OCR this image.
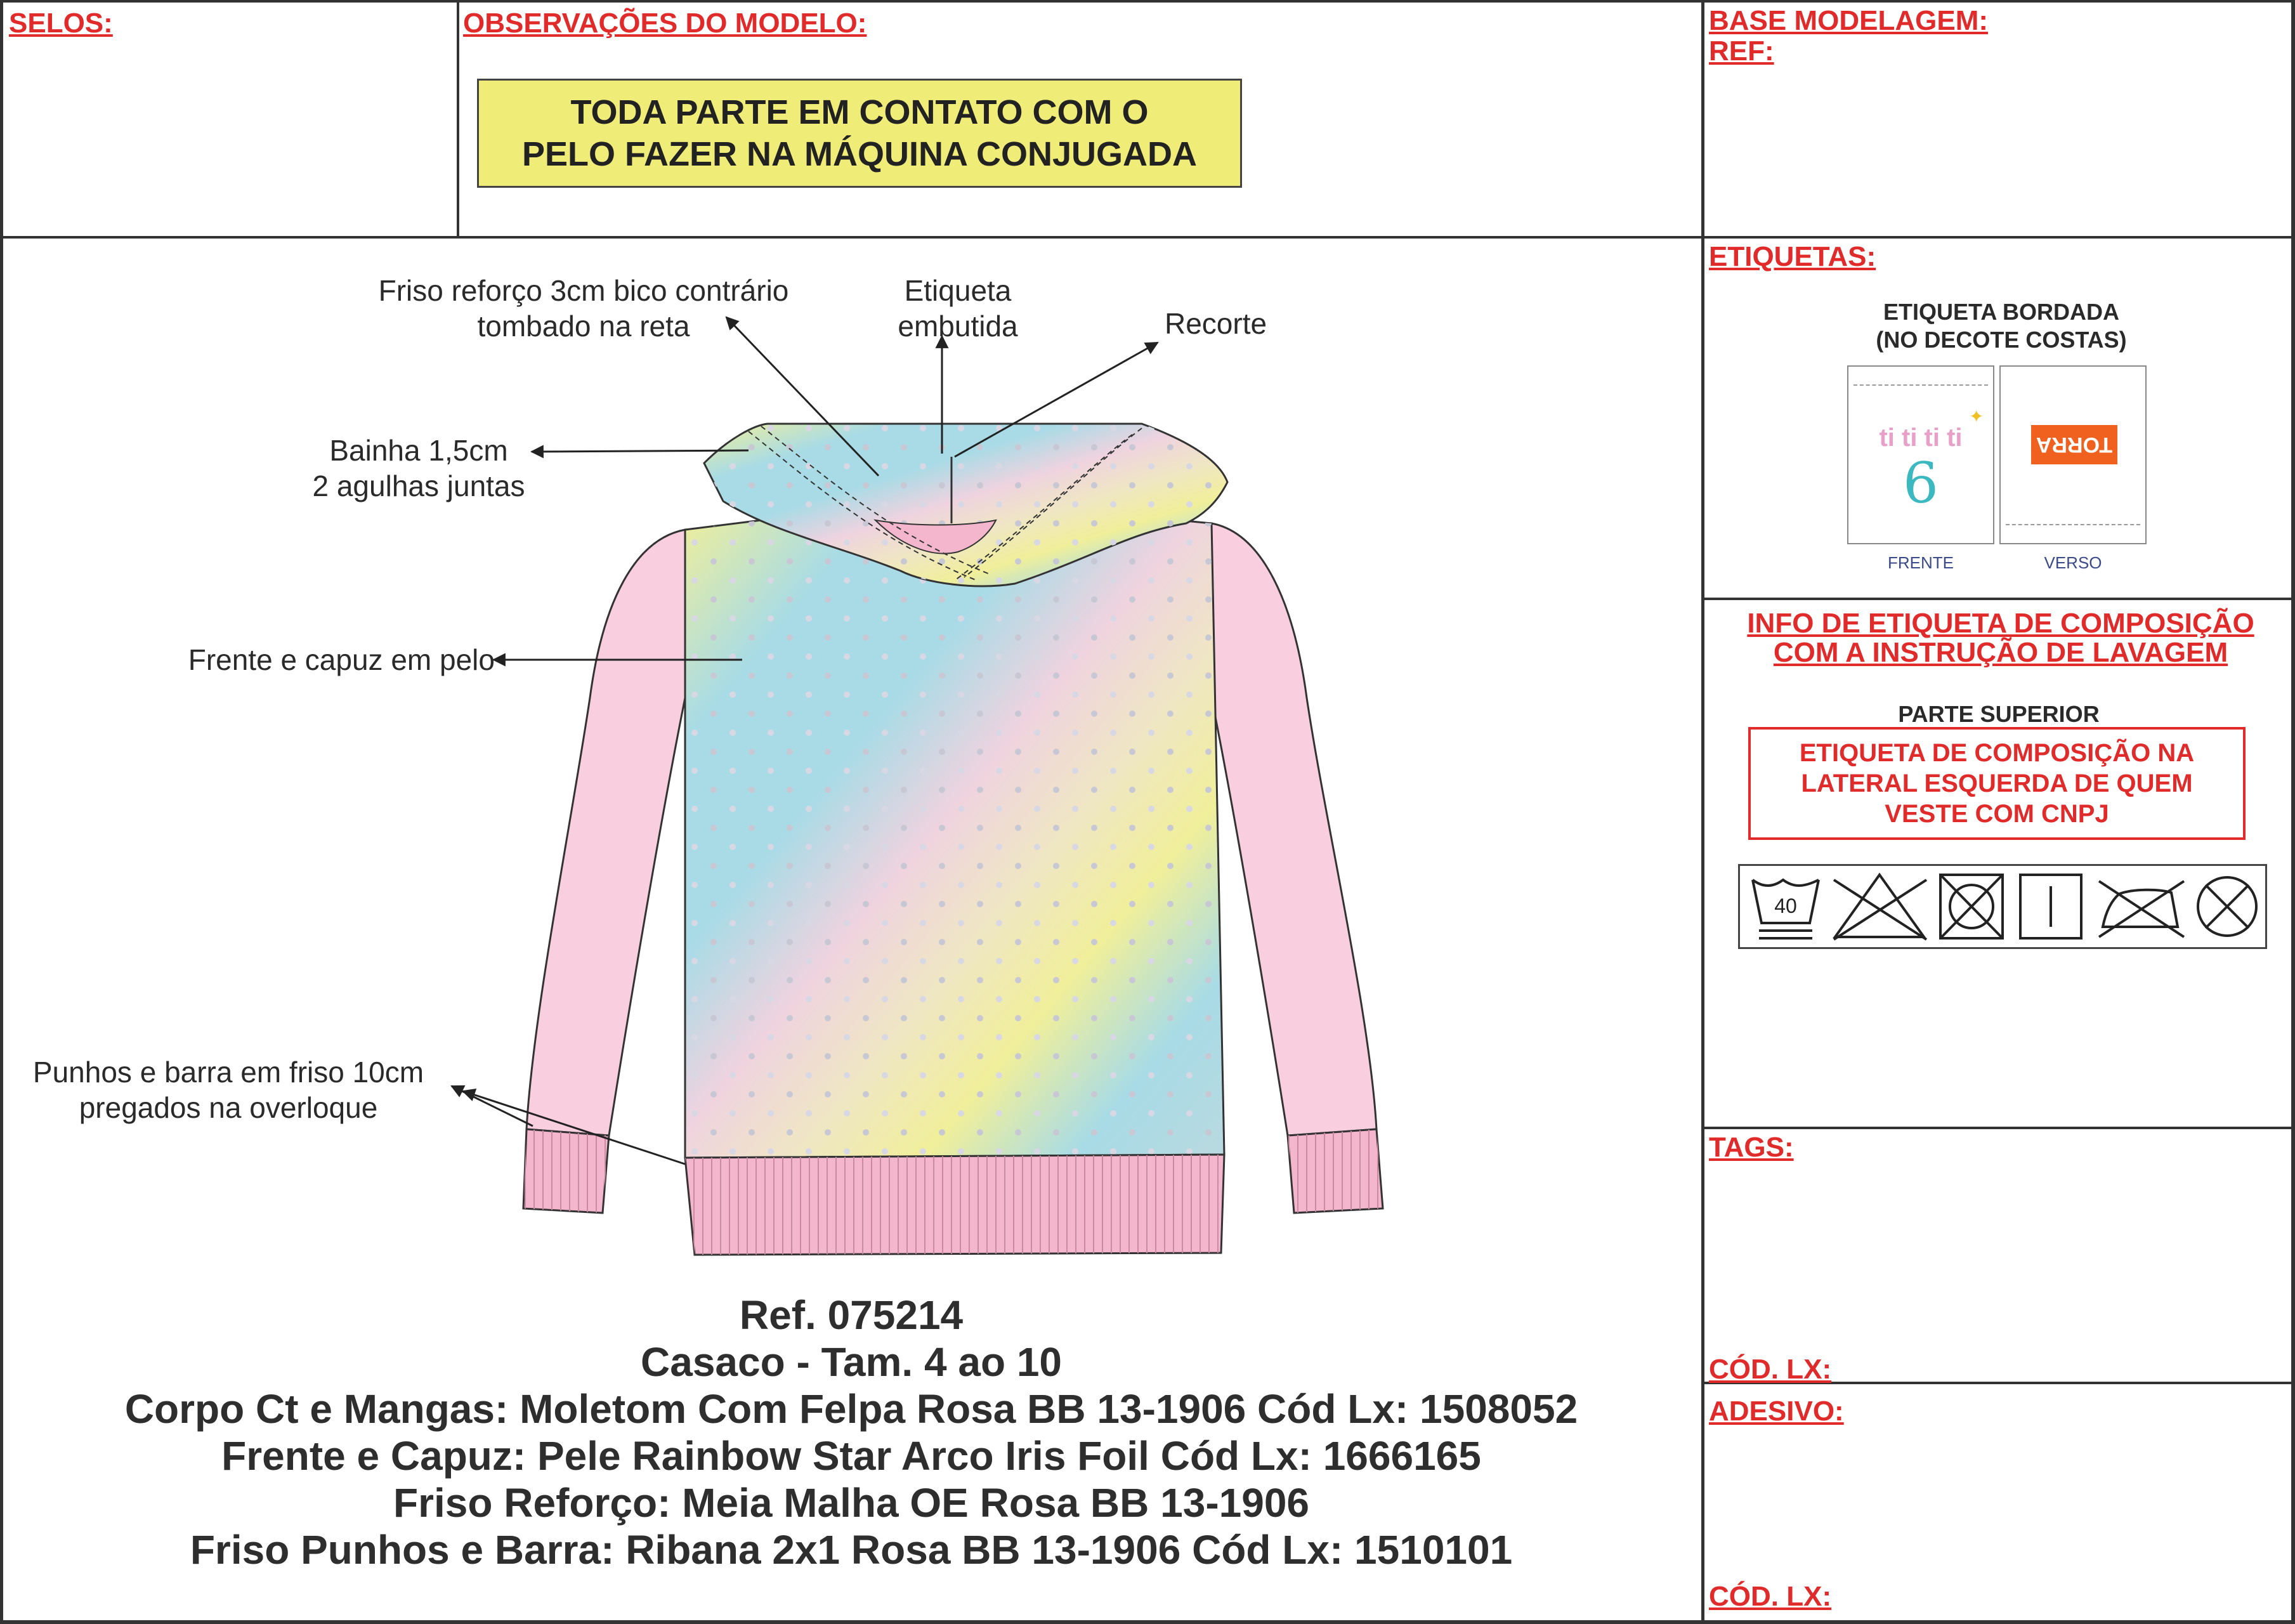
SELOS:	OBSERVAÇÕES DO MODELO:	BASE MODELAGEM:
REF:
TODA PARTE EM CONTATO COM O
PELO FAZER NA MÁQUINA CONJUGADA
Friso reforço 3cm bico contrário
tombado na reta
Etiqueta
embutida	Recorte
Bainha 1,5cm
2 agulhas juntas
Frente e capuz em pelo
Punhos e barra em friso 10cm
pregados na overloque
Ref. 075214
Casaco - Tam. 4 ao 10
Corpo Ct e Mangas: Moletom Com Felpa Rosa BB 13-1906 Cód Lx: 1508052
Frente e Capuz: Pele Rainbow Star Arco Iris Foil Cód Lx: 1666165
Friso Reforço: Meia Malha OE Rosa BB 13-1906
Friso Punhos e Barra: Ribana 2x1 Rosa BB 13-1906 Cód Lx: 1510101
ETIQUETAS:
ETIQUETA BORDADA
(NO DECOTE COSTAS)
ti ti ti ti
6
✦
TORRA
FRENTE	VERSO
INFO DE ETIQUETA DE COMPOSIÇÃO
COM A INSTRUÇÃO DE LAVAGEM
PARTE SUPERIOR
ETIQUETA DE COMPOSIÇÃO NA
LATERAL ESQUERDA DE QUEM
VESTE COM CNPJ
40
TAGS:
CÓD. LX:
ADESIVO:
CÓD. LX:
